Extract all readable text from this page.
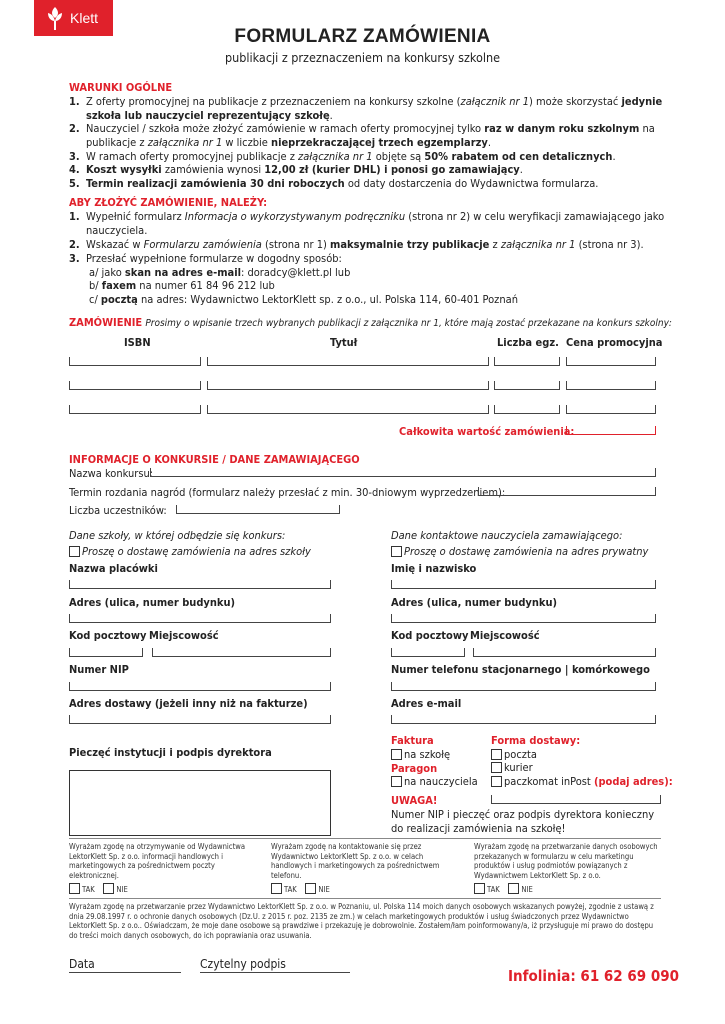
Klett
FORMULARZ ZAMÓWIENIA
publikacji z przeznaczeniem na konkursy szkolne
WARUNKI OGÓLNE
1. Z oferty promocyjnej na publikacje z przeznaczeniem na konkursy szkolne (załącznik nr 1) może skorzystać jedynie szkoła lub nauczyciel reprezentujący szkołę.
2. Nauczyciel / szkoła może złożyć zamówienie w ramach oferty promocyjnej tylko raz w danym roku szkolnym na publikacje z załącznika nr 1 w liczbie nieprzekraczającej trzech egzemplarzy.
3. W ramach oferty promocyjnej publikacje z załącznika nr 1 objęte są 50% rabatem od cen detalicznych.
4. Koszt wysyłki zamówienia wynosi 12,00 zł (kurier DHL) i ponosi go zamawiający.
5. Termin realizacji zamówienia 30 dni roboczych od daty dostarczenia do Wydawnictwa formularza.
ABY ZŁOŻYĆ ZAMÓWIENIE, NALEŻY:
1. Wypełnić formularz Informacja o wykorzystywanym podręczniku (strona nr 2) w celu weryfikacji zamawiającego jako nauczyciela.
2. Wskazać w Formularzu zamówienia (strona nr 1) maksymalnie trzy publikacje z załącznika nr 1 (strona nr 3).
3. Przesłać wypełnione formularze w dogodny sposób:
a/ jako skan na adres e-mail: doradcy@klett.pl lub
b/ faxem na numer 61 84 96 212 lub
c/ pocztą na adres: Wydawnictwo LektorKlett sp. z o.o., ul. Polska 114, 60-401 Poznań
ZAMÓWIENIE Prosimy o wpisanie trzech wybranych publikacji z załącznika nr 1, które mają zostać przekazane na konkurs szkolny:
ISBN	Tytuł	Liczba egz. Cena promocyjna
Całkowita wartość zamówienia:
INFORMACJE O KONKURSIE / DANE ZAMAWIAJĄCEGO
Nazwa konkursu:
Termin rozdania nagród (formularz należy przesłać z min. 30-dniowym wyprzedzeniem):
Liczba uczestników:
Dane szkoły, w której odbędzie się konkurs:
Proszę o dostawę zamówienia na adres szkoły
Nazwa placówki
Adres (ulica, numer budynku)
Kod pocztowy Miejscowość
Numer NIP
Adres dostawy (jeżeli inny niż na fakturze)
Pieczęć instytucji i podpis dyrektora
Dane kontaktowe nauczyciela zamawiającego:
Proszę o dostawę zamówienia na adres prywatny
Imię i nazwisko
Adres (ulica, numer budynku)
Kod pocztowy Miejscowość
Numer telefonu stacjonarnego | komórkowego
Adres e-mail
Faktura
na szkołę
Paragon
na nauczyciela
Forma dostawy:
poczta
kurier
paczkomat inPost (podaj adres):
UWAGA!
Numer NIP i pieczęć oraz podpis dyrektora konieczny
do realizacji zamówienia na szkołę!
Wyrażam zgodę na otrzymywanie od Wydawnictwa LektorKlett Sp. z o.o. informacji handlowych i marketingowych za pośrednictwem poczty elektronicznej.
Wyrażam zgodę na kontaktowanie się przez Wydawnictwo LektorKlett Sp. z o.o. w celach handlowych i marketingowych za pośrednictwem telefonu.
Wyrażam zgodę na przetwarzanie danych osobowych przekazanych w formularzu w celu marketingu produktów i usług podmiotów powiązanych z Wydawnictwem LektorKlett Sp. z o.o.
TAK	NIE	TAK	NIE	TAK	NIE
Wyrażam zgodę na przetwarzanie przez Wydawnictwo LektorKlett Sp. z o.o. w Poznaniu, ul. Polska 114 moich danych osobowych wskazanych powyżej, zgodnie z ustawą z dnia 29.08.1997 r. o ochronie danych osobowych (Dz.U. z 2015 r. poz. 2135 ze zm.) w celach marketingowych produktów i usług świadczonych przez Wydawnictwo LektorKlett Sp. z o.o.. Oświadczam, że moje dane osobowe są prawdziwe i przekazuję je dobrowolnie. Zostałem/łam poinformowany/a, iż przysługuje mi prawo do dostępu do treści moich danych osobowych, do ich poprawiania oraz usuwania.
Data	Czytelny podpis
Infolinia: 61 62 69 090
